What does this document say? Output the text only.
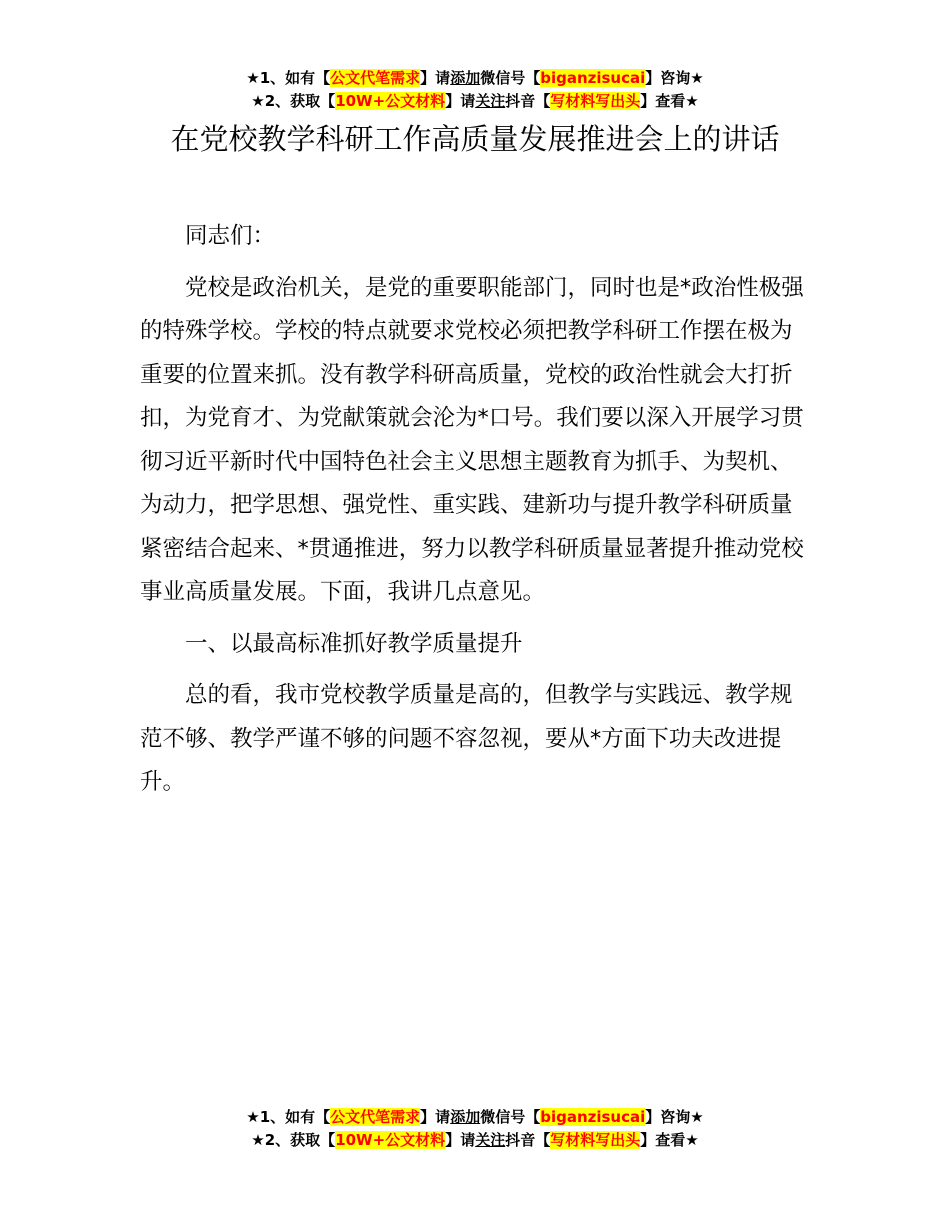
★1、如有【公文代笔需求】请添加微信号【biganzisucai】咨询★
★2、获取【10W+公文材料】请关注抖音【写材料写出头】查看★
在党校教学科研工作高质量发展推进会上的讲话

同志们：

党校是政治机关，是党的重要职能部门，同时也是*政治性极强的特殊学校。学校的特点就要求党校必须把教学科研工作摆在极为重要的位置来抓。没有教学科研高质量，党校的政治性就会大打折扣，为党育才、为党献策就会沦为*口号。我们要以深入开展学习贯彻习近平新时代中国特色社会主义思想主题教育为抓手、为契机、为动力，把学思想、强党性、重实践、建新功与提升教学科研质量紧密结合起来、*贯通推进，努力以教学科研质量显著提升推动党校事业高质量发展。下面，我讲几点意见。

一、以最高标准抓好教学质量提升

总的看，我市党校教学质量是高的，但教学与实践远、教学规范不够、教学严谨不够的问题不容忽视，要从*方面下功夫改进提升。

★1、如有【公文代笔需求】请添加微信号【biganzisucai】咨询★
★2、获取【10W+公文材料】请关注抖音【写材料写出头】查看★
